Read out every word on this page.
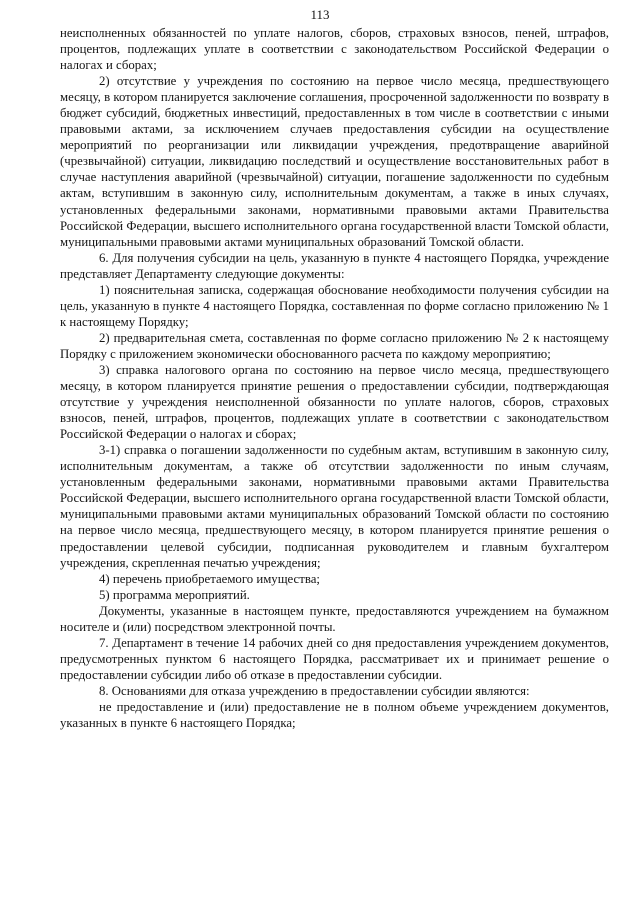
113

неисполненных обязанностей по уплате налогов, сборов, страховых взносов, пеней, штрафов, процентов, подлежащих уплате в соответствии с законодательством Российской Федерации о налогах и сборах;

2) отсутствие у учреждения по состоянию на первое число месяца, предшествующего месяцу, в котором планируется заключение соглашения, просроченной задолженности по возврату в бюджет субсидий, бюджетных инвестиций, предоставленных в том числе в соответствии с иными правовыми актами, за исключением случаев предоставления субсидии на осуществление мероприятий по реорганизации или ликвидации учреждения, предотвращение аварийной (чрезвычайной) ситуации, ликвидацию последствий и осуществление восстановительных работ в случае наступления аварийной (чрезвычайной) ситуации, погашение задолженности по судебным актам, вступившим в законную силу, исполнительным документам, а также в иных случаях, установленных федеральными законами, нормативными правовыми актами Правительства Российской Федерации, высшего исполнительного органа государственной власти Томской области, муниципальными правовыми актами муниципальных образований Томской области.

6. Для получения субсидии на цель, указанную в пункте 4 настоящего Порядка, учреждение представляет Департаменту следующие документы:

1) пояснительная записка, содержащая обоснование необходимости получения субсидии на цель, указанную в пункте 4 настоящего Порядка, составленная по форме согласно приложению № 1 к настоящему Порядку;

2) предварительная смета, составленная по форме согласно приложению № 2 к настоящему Порядку с приложением экономически обоснованного расчета по каждому мероприятию;

3) справка налогового органа по состоянию на первое число месяца, предшествующего месяцу, в котором планируется принятие решения о предоставлении субсидии, подтверждающая отсутствие у учреждения неисполненной обязанности по уплате налогов, сборов, страховых взносов, пеней, штрафов, процентов, подлежащих уплате в соответствии с законодательством Российской Федерации о налогах и сборах;

3-1) справка о погашении задолженности по судебным актам, вступившим в законную силу, исполнительным документам, а также об отсутствии задолженности по иным случаям, установленным федеральными законами, нормативными правовыми актами Правительства Российской Федерации, высшего исполнительного органа государственной власти Томской области, муниципальными правовыми актами муниципальных образований Томской области по состоянию на первое число месяца, предшествующего месяцу, в котором планируется принятие решения о предоставлении целевой субсидии, подписанная руководителем и главным бухгалтером учреждения, скрепленная печатью учреждения;

4) перечень приобретаемого имущества;

5) программа мероприятий.

Документы, указанные в настоящем пункте, предоставляются учреждением на бумажном носителе и (или) посредством электронной почты.

7. Департамент в течение 14 рабочих дней со дня предоставления учреждением документов, предусмотренных пунктом 6 настоящего Порядка, рассматривает их и принимает решение о предоставлении субсидии либо об отказе в предоставлении субсидии.

8. Основаниями для отказа учреждению в предоставлении субсидии являются:

не предоставление и (или) предоставление не в полном объеме учреждением документов, указанных в пункте 6 настоящего Порядка;
